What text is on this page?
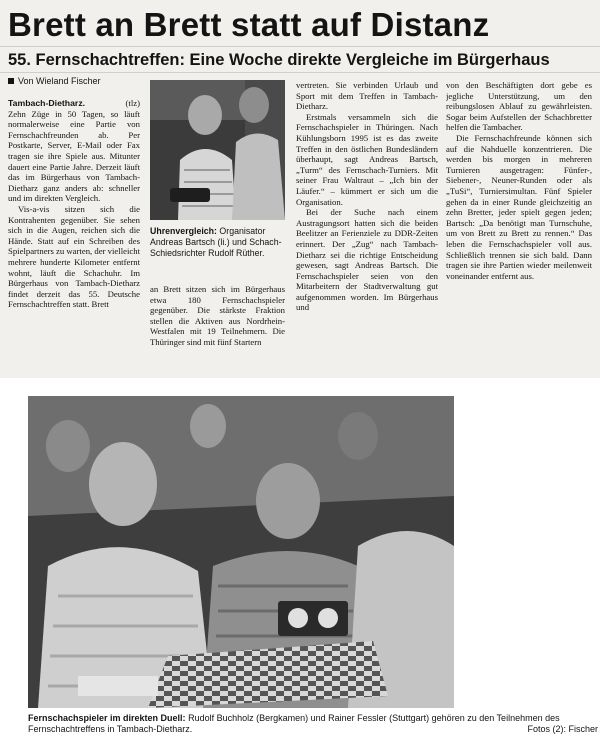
Brett an Brett statt auf Distanz
55. Fernschachtreffen: Eine Woche direkte Vergleiche im Bürgerhaus
Von Wieland Fischer

Tambach-Dietharz.	(tlz)

Zehn Züge in 50 Tagen, so läuft normalerweise eine Partie von Fernschachfreunden ab. Per Postkarte, Server, E-Mail oder Fax tragen sie ihre Spiele aus. Mitunter dauert eine Partie Jahre. Derzeit läuft das im Bürgerhaus von Tambach-Dietharz ganz anders ab: schneller und im direkten Vergleich.

Vis-a-vis sitzen sich die Kontrahenten gegenüber. Sie sehen sich in die Augen, reichen sich die Hände. Statt auf ein Schreiben des Spielpartners zu warten, der vielleicht mehrere hunderte Kilometer entfernt wohnt, läuft die Schachuhr. Im Bürgerhaus von Tambach-Dietharz findet derzeit das 55. Deutsche Fernschachtreffen statt. Brett

Uhrenvergleich: Organisator Andreas Bartsch (li.) und Schach-Schiedsrichter Rudolf Rüther.

an Brett sitzen sich im Bürgerhaus etwa 180 Fernschachspieler gegenüber. Die stärkste Fraktion stellen die Aktiven aus Nordrhein-Westfalen mit 19 Teilnehmern. Die Thüringer sind mit fünf Startern

vertreten. Sie verbinden Urlaub und Sport mit dem Treffen in Tambach-Dietharz.

Erstmals versammeln sich die Fernschachspieler in Thüringen. Nach Kühlungsborn 1995 ist es das zweite Treffen in den östlichen Bundesländern überhaupt, sagt Andreas Bartsch, „Turm“ des Fernschach-Turniers. Mit seiner Frau Waltraut – „Ich bin der Läufer.“ – kümmert er sich um die Organisation.

Bei der Suche nach einem Austragungsort hatten sich die beiden Beelitzer an Ferienziele zu DDR-Zeiten erinnert. Der „Zug“ nach Tambach-Dietharz sei die richtige Entscheidung gewesen, sagt Andreas Bartsch. Die Fernschachspieler seien von den Mitarbeitern der Stadtverwaltung gut aufgenommen worden. Im Bürgerhaus und

von den Beschäftigten dort gebe es jegliche Unterstützung, um den reibungslosen Ablauf zu gewährleisten. Sogar beim Aufstellen der Schachbretter helfen die Tambacher.

Die Fernschachfreunde können sich auf die Nahduelle konzentrieren. Die werden bis morgen in mehreren Turnieren ausgetragen: Fünfer-, Siebener-, Neuner-Runden oder als „TuSi“, Turniersimultan. Fünf Spieler gehen da in einer Runde gleichzeitig an zehn Bretter, jeder spielt gegen jeden; Bartsch: „Da benötigt man Turnschuhe, um von Brett zu Brett zu rennen.“ Das leben die Fernschachspieler voll aus. Schließlich trennen sie sich bald. Dann tragen sie ihre Partien wieder meilenweit voneinander entfernt aus.

Fernschachspieler im direkten Duell: Rudolf Buchholz (Bergkamen) und Rainer Fessler (Stuttgart) gehören zu den Teilnehmen des Fernschachtreffens in Tambach-Dietharz.	Fotos (2): Fischer
